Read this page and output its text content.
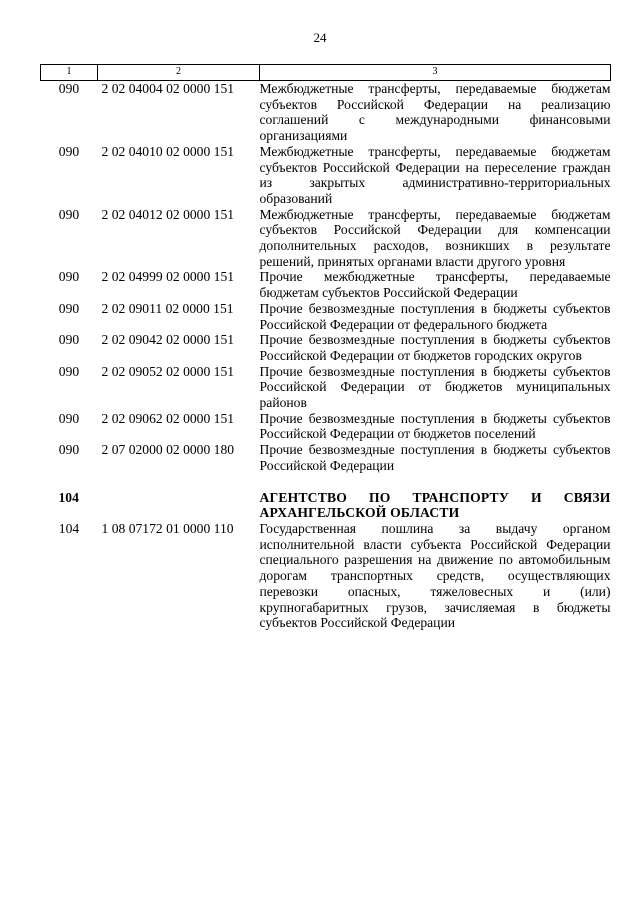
24
1	2	3
090	2 02 04004 02 0000 151	Межбюджетные трансферты, передаваемые бюджетам субъектов Российской Федерации на реализацию соглашений с международными финансовыми организациями
090	2 02 04010 02 0000 151	Межбюджетные трансферты, передаваемые бюджетам субъектов Российской Федерации на переселение граждан из закрытых административно-территориальных образований
090	2 02 04012 02 0000 151	Межбюджетные трансферты, передаваемые бюджетам субъектов Российской Федерации для компенсации дополнительных расходов, возникших в результате решений, принятых органами власти другого уровня
090	2 02 04999 02 0000 151	Прочие межбюджетные трансферты, передаваемые бюджетам субъектов Российской Федерации
090	2 02 09011 02 0000 151	Прочие безвозмездные поступления в бюджеты субъектов Российской Федерации от федерального бюджета
090	2 02 09042 02 0000 151	Прочие безвозмездные поступления в бюджеты субъектов Российской Федерации от бюджетов городских округов
090	2 02 09052 02 0000 151	Прочие безвозмездные поступления в бюджеты субъектов Российской Федерации от бюджетов муниципальных районов
090	2 02 09062 02 0000 151	Прочие безвозмездные поступления в бюджеты субъектов Российской Федерации от бюджетов поселений
090	2 07 02000 02 0000 180	Прочие безвозмездные поступления в бюджеты субъектов Российской Федерации

104		АГЕНТСТВО ПО ТРАНСПОРТУ И СВЯЗИ АРХАНГЕЛЬСКОЙ ОБЛАСТИ
104	1 08 07172 01 0000 110	Государственная пошлина за выдачу органом исполнительной власти субъекта Российской Федерации специального разрешения на движение по автомобильным дорогам транспортных средств, осуществляющих перевозки опасных, тяжеловесных и (или) крупногабаритных грузов, зачисляемая в бюджеты субъектов Российской Федерации
